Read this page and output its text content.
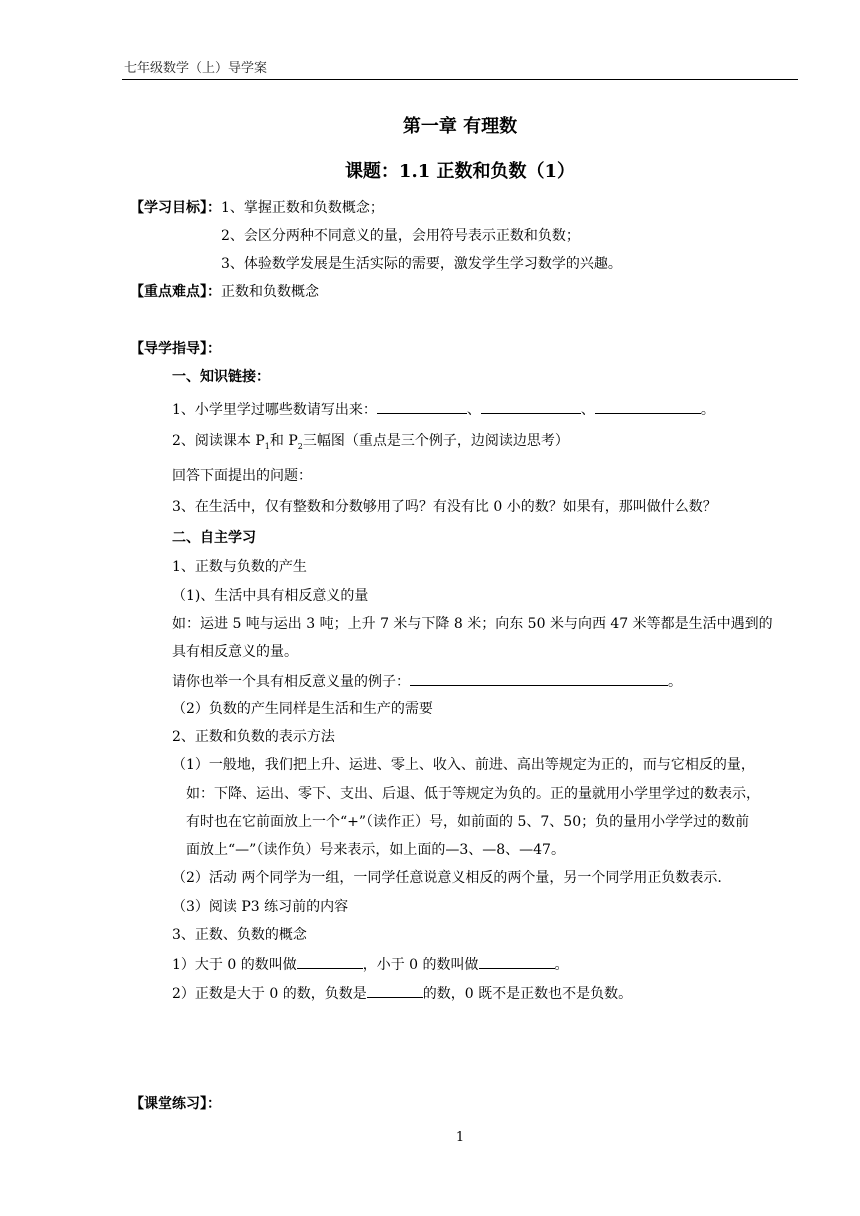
七年级数学（上）导学案
第一章 有理数
课题：1.1 正数和负数（1）
【学习目标】：1、掌握正数和负数概念；
2、会区分两种不同意义的量，会用符号表示正数和负数；
3、体验数学发展是生活实际的需要，激发学生学习数学的兴趣。
【重点难点】：正数和负数概念
【导学指导】：
一、知识链接：
1、小学里学过哪些数请写出来：	、	、	。
2、阅读课本 $P_1$和 $P_2$三幅图（重点是三个例子，边阅读边思考）
回答下面提出的问题：
3、在生活中，仅有整数和分数够用了吗？有没有比 0 小的数？如果有，那叫做什么数？
二、自主学习
1、正数与负数的产生
（1)、生活中具有相反意义的量
如：运进 5 吨与运出 3 吨；上升 7 米与下降 8 米；向东 50 米与向西 47 米等都是生活中遇到的
具有相反意义的量。
请你也举一个具有相反意义量的例子：	。
（2）负数的产生同样是生活和生产的需要
2、正数和负数的表示方法
（1）一般地，我们把上升、运进、零上、收入、前进、高出等规定为正的，而与它相反的量，
如：下降、运出、零下、支出、后退、低于等规定为负的。正的量就用小学里学过的数表示，
有时也在它前面放上一个“+”（读作正）号，如前面的 5、7、50；负的量用小学学过的数前
面放上“—”（读作负）号来表示，如上面的—3、—8、—47。
（2）活动 两个同学为一组，一同学任意说意义相反的两个量，另一个同学用正负数表示.
（3）阅读 P3 练习前的内容
3、正数、负数的概念
1）大于 0 的数叫做	，小于 0 的数叫做	。
2）正数是大于 0 的数，负数是	的数，0 既不是正数也不是负数。
【课堂练习】：
1
